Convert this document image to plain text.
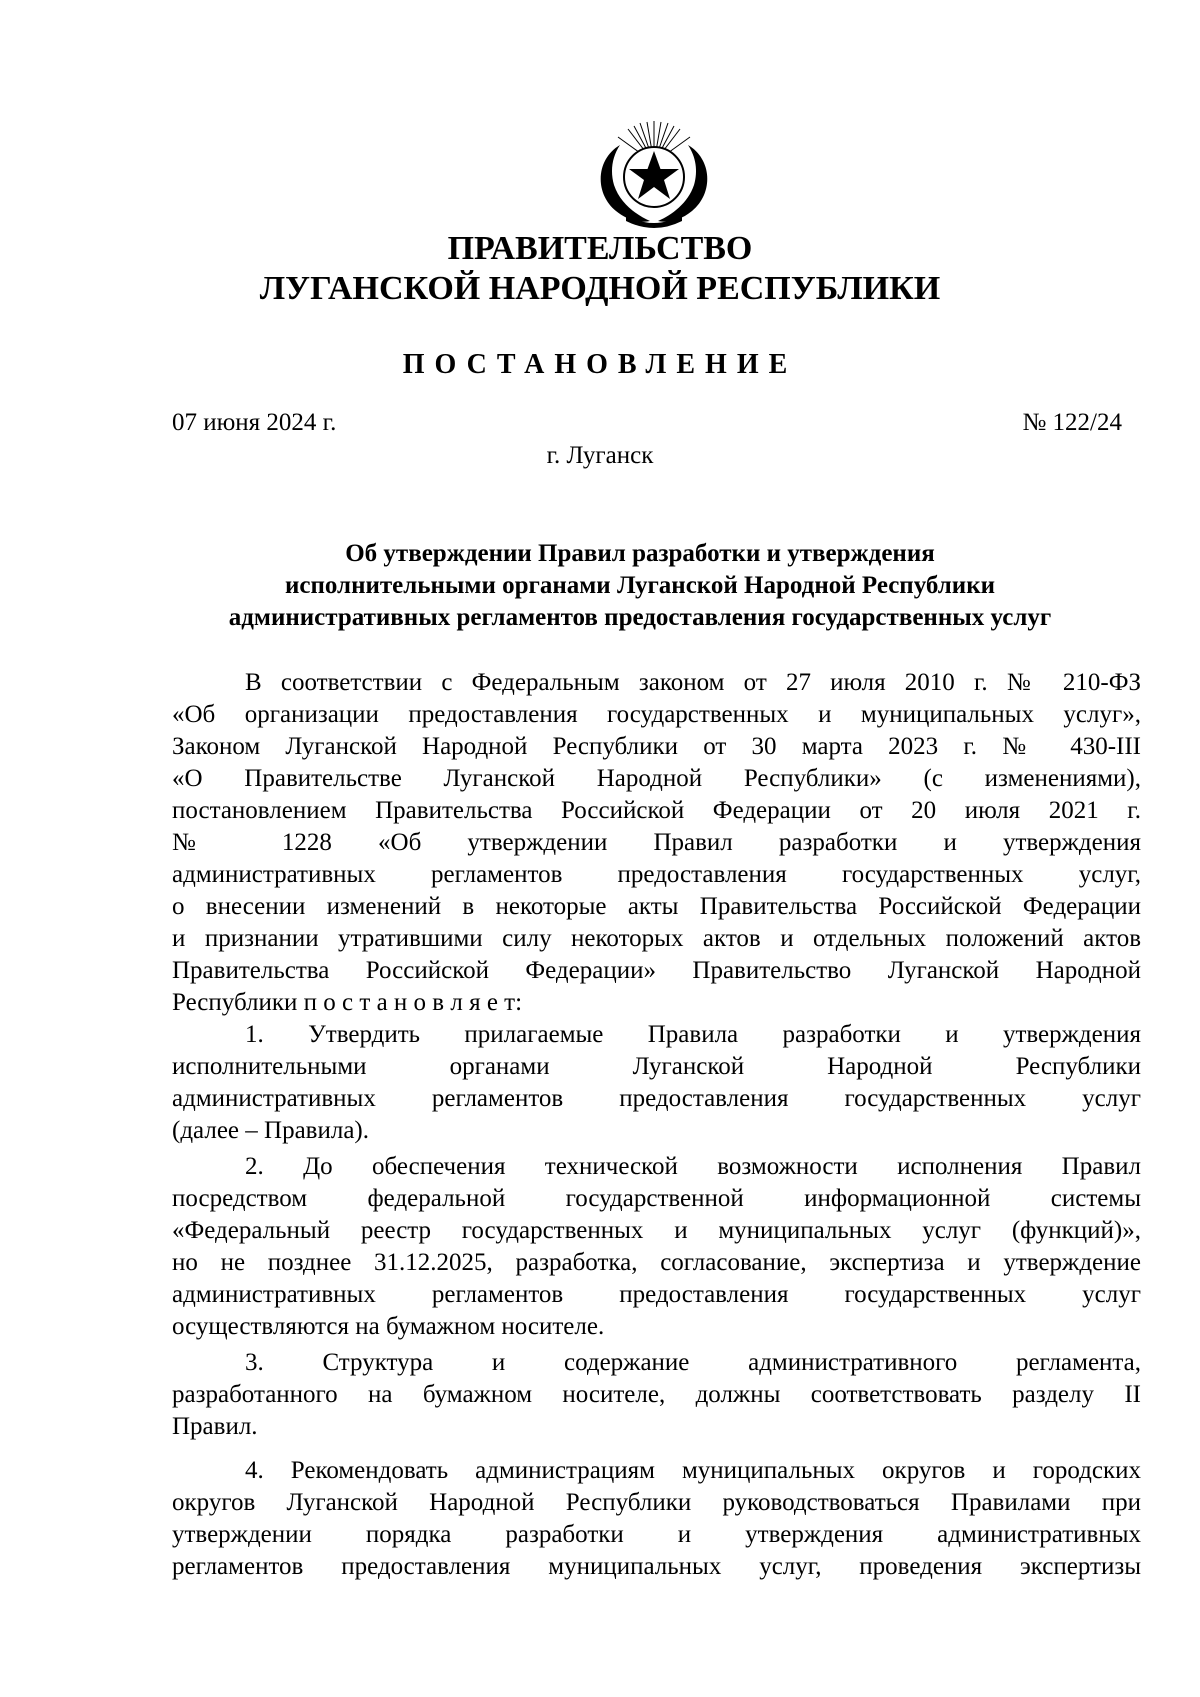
ПРАВИТЕЛЬСТВО
ЛУГАНСКОЙ НАРОДНОЙ РЕСПУБЛИКИ
ПОСТАНОВЛЕНИЕ
07 июня 2024 г.	№ 122/24
г. Луганск
Об утверждении Правил разработки и утверждения
исполнительными органами Луганской Народной Республики
административных регламентов предоставления государственных услуг
В соответствии с Федеральным законом от 27 июля 2010 г. № 210-ФЗ
«Об организации предоставления государственных и муниципальных услуг»,
Законом Луганской Народной Республики от 30 марта 2023 г. № 430-III
«О Правительстве Луганской Народной Республики» (с изменениями),
постановлением Правительства Российской Федерации от 20 июля 2021 г.
№ 1228 «Об утверждении Правил разработки и утверждения
административных регламентов предоставления государственных услуг,
о внесении изменений в некоторые акты Правительства Российской Федерации
и признании утратившими силу некоторых актов и отдельных положений актов
Правительства Российской Федерации» Правительство Луганской Народной
Республики п о с т а н о в л я е т:
1. Утвердить прилагаемые Правила разработки и утверждения
исполнительными органами Луганской Народной Республики
административных регламентов предоставления государственных услуг
(далее – Правила).
2. До обеспечения технической возможности исполнения Правил
посредством федеральной государственной информационной системы
«Федеральный реестр государственных и муниципальных услуг (функций)»,
но не позднее 31.12.2025, разработка, согласование, экспертиза и утверждение
административных регламентов предоставления государственных услуг
осуществляются на бумажном носителе.
3. Структура и содержание административного регламента,
разработанного на бумажном носителе, должны соответствовать разделу II
Правил.
4. Рекомендовать администрациям муниципальных округов и городских
округов Луганской Народной Республики руководствоваться Правилами при
утверждении порядка разработки и утверждения административных
регламентов предоставления муниципальных услуг, проведения экспертизы
